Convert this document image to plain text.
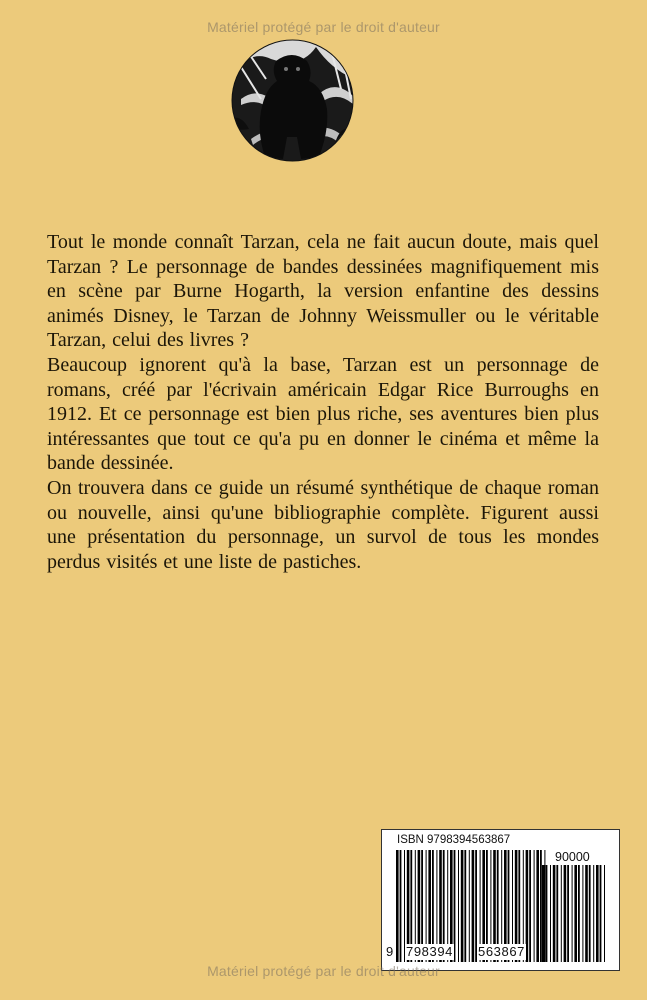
Matériel protégé par le droit d'auteur

Tout le monde connaît Tarzan, cela ne fait aucun doute, mais quel Tarzan ? Le personnage de bandes dessinées magnifiquement mis en scène par Burne Hogarth, la version enfantine des dessins animés Disney, le Tarzan de Johnny Weissmuller ou le véritable Tarzan, celui des livres ?

Beaucoup ignorent qu'à la base, Tarzan est un personnage de romans, créé par l'écrivain américain Edgar Rice Burroughs en 1912. Et ce personnage est bien plus riche, ses aventures bien plus intéressantes que tout ce qu'a pu en donner le cinéma et même la bande dessinée.

On trouvera dans ce guide un résumé synthétique de chaque roman ou nouvelle, ainsi qu'une bibliographie complète. Figurent aussi une présentation du personnage, un survol de tous les mondes perdus visités et une liste de pastiches.

ISBN 9798394563867
90000
9 798394 563867
Matériel protégé par le droit d'auteur
